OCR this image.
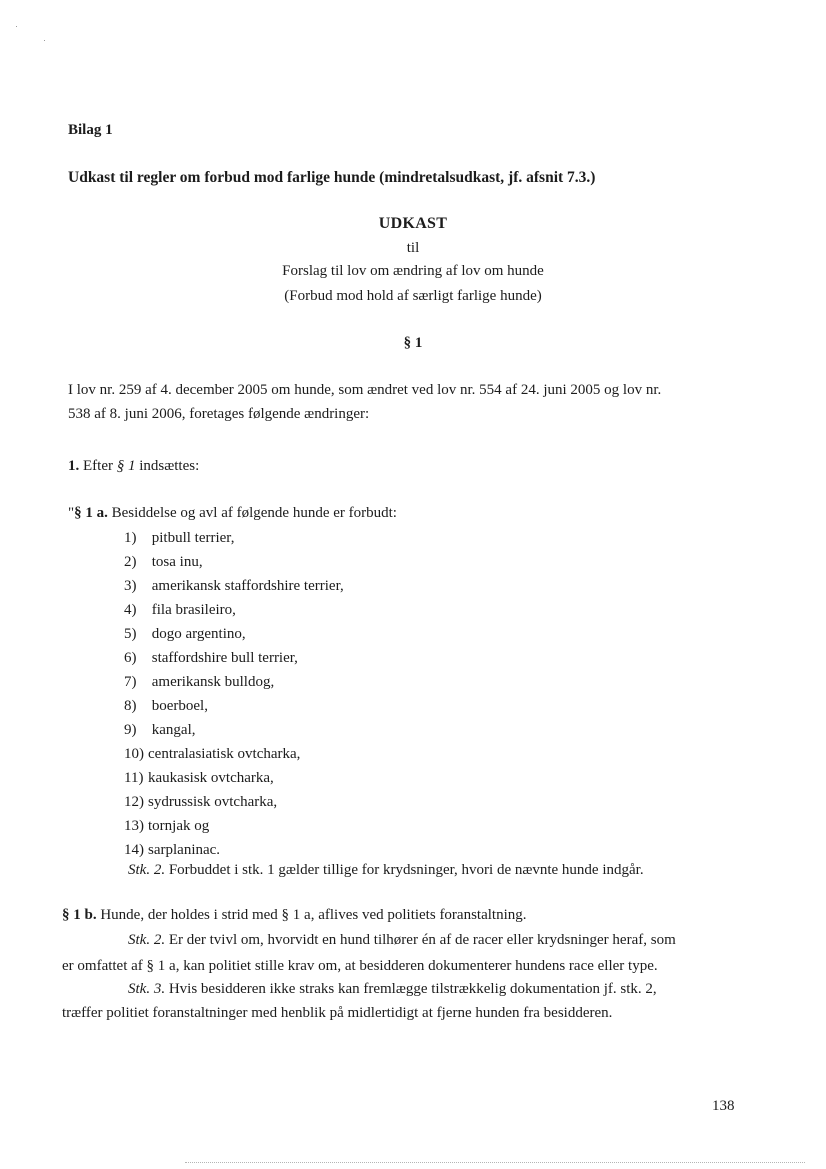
Bilag 1
Udkast til regler om forbud mod farlige hunde (mindretalsudkast, jf. afsnit 7.3.)
UDKAST
til
Forslag til lov om ændring af lov om hunde
(Forbud mod hold af særligt farlige hunde)
§ 1
I lov nr. 259 af 4. december 2005 om hunde, som ændret ved lov nr. 554 af 24. juni 2005 og lov nr.
538 af 8. juni 2006, foretages følgende ændringer:
1. Efter § 1 indsættes:
"§ 1 a. Besiddelse og avl af følgende hunde er forbudt:
1) pitbull terrier,
2) tosa inu,
3) amerikansk staffordshire terrier,
4) fila brasileiro,
5) dogo argentino,
6) staffordshire bull terrier,
7) amerikansk bulldog,
8) boerboel,
9) kangal,
10) centralasiatisk ovtcharka,
11) kaukasisk ovtcharka,
12) sydrussisk ovtcharka,
13) tornjak og
14) sarplaninac.
Stk. 2. Forbuddet i stk. 1 gælder tillige for krydsninger, hvori de nævnte hunde indgår.
§ 1 b. Hunde, der holdes i strid med § 1 a, aflives ved politiets foranstaltning.
Stk. 2. Er der tvivl om, hvorvidt en hund tilhører én af de racer eller krydsninger heraf, som
er omfattet af § 1 a, kan politiet stille krav om, at besidderen dokumenterer hundens race eller type.
Stk. 3. Hvis besidderen ikke straks kan fremlægge tilstrækkelig dokumentation jf. stk. 2,
træffer politiet foranstaltninger med henblik på midlertidigt at fjerne hunden fra besidderen.
138
